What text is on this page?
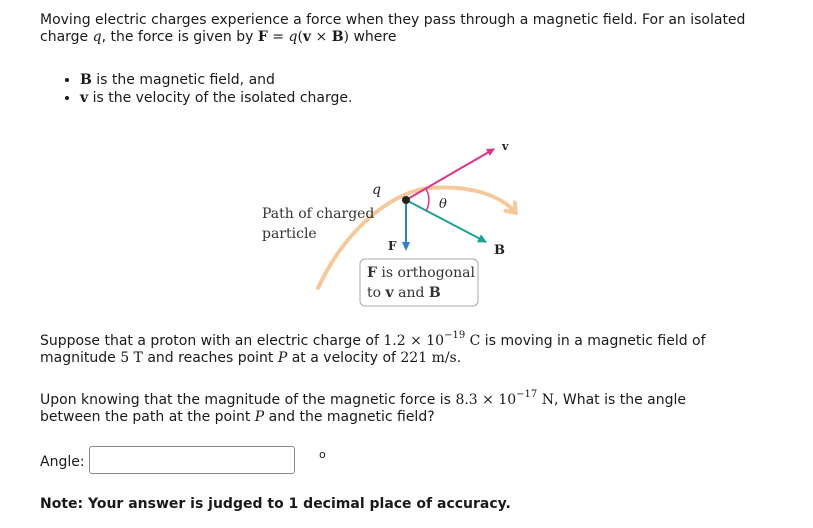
Moving electric charges experience a force when they pass through a magnetic field. For an isolated
charge q, the force is given by F = q(v × B) where
• B is the magnetic field, and
• v is the velocity of the isolated charge.
v
q
θ
Path of charged
particle
F	B
F is orthogonal
to v and B
Suppose that a proton with an electric charge of $1.2 \times 10^{-19}$ C is moving in a magnetic field of
magnitude 5 T and reaches point P at a velocity of 221 m/s.
Upon knowing that the magnitude of the magnetic force is $8.3 \times 10^{-17}$ N, What is the angle
between the path at the point P and the magnetic field?
Angle:	o
Note: Your answer is judged to 1 decimal place of accuracy.
